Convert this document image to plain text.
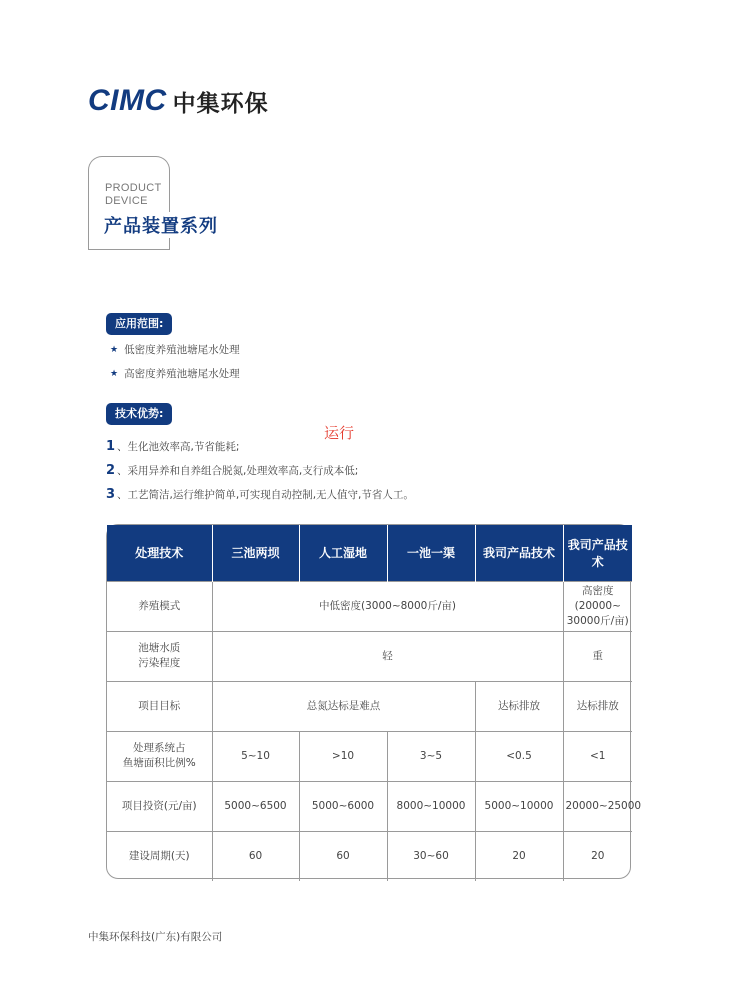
CIMC 中集环保
PRODUCT
DEVICE
产品装置系列
应用范围:
★ 低密度养殖池塘尾水处理
★ 高密度养殖池塘尾水处理
技术优势:
运行
1 、生化池效率高,节省能耗;
2 、采用异养和自养组合脱氮,处理效率高,支行成本低;
3 、工艺简洁,运行维护简单,可实现自动控制,无人值守,节省人工。
处理技术	三池两坝	人工湿地	一池一渠	我司产品技术	我司产品技术
养殖模式	中低密度(3000~8000斤/亩)				高密度
(20000~
30000斤/亩)
池塘水质
污染程度	轻				重
项目目标	总氮达标是难点			达标排放	达标排放
处理系统占
鱼塘面积比例%	5~10	>10	3~5	<0.5	<1
项目投资(元/亩)	5000~6500	5000~6000	8000~10000	5000~10000	20000~25000
建设周期(天)	60	60	30~60	20	20
中集环保科技(广东)有限公司
